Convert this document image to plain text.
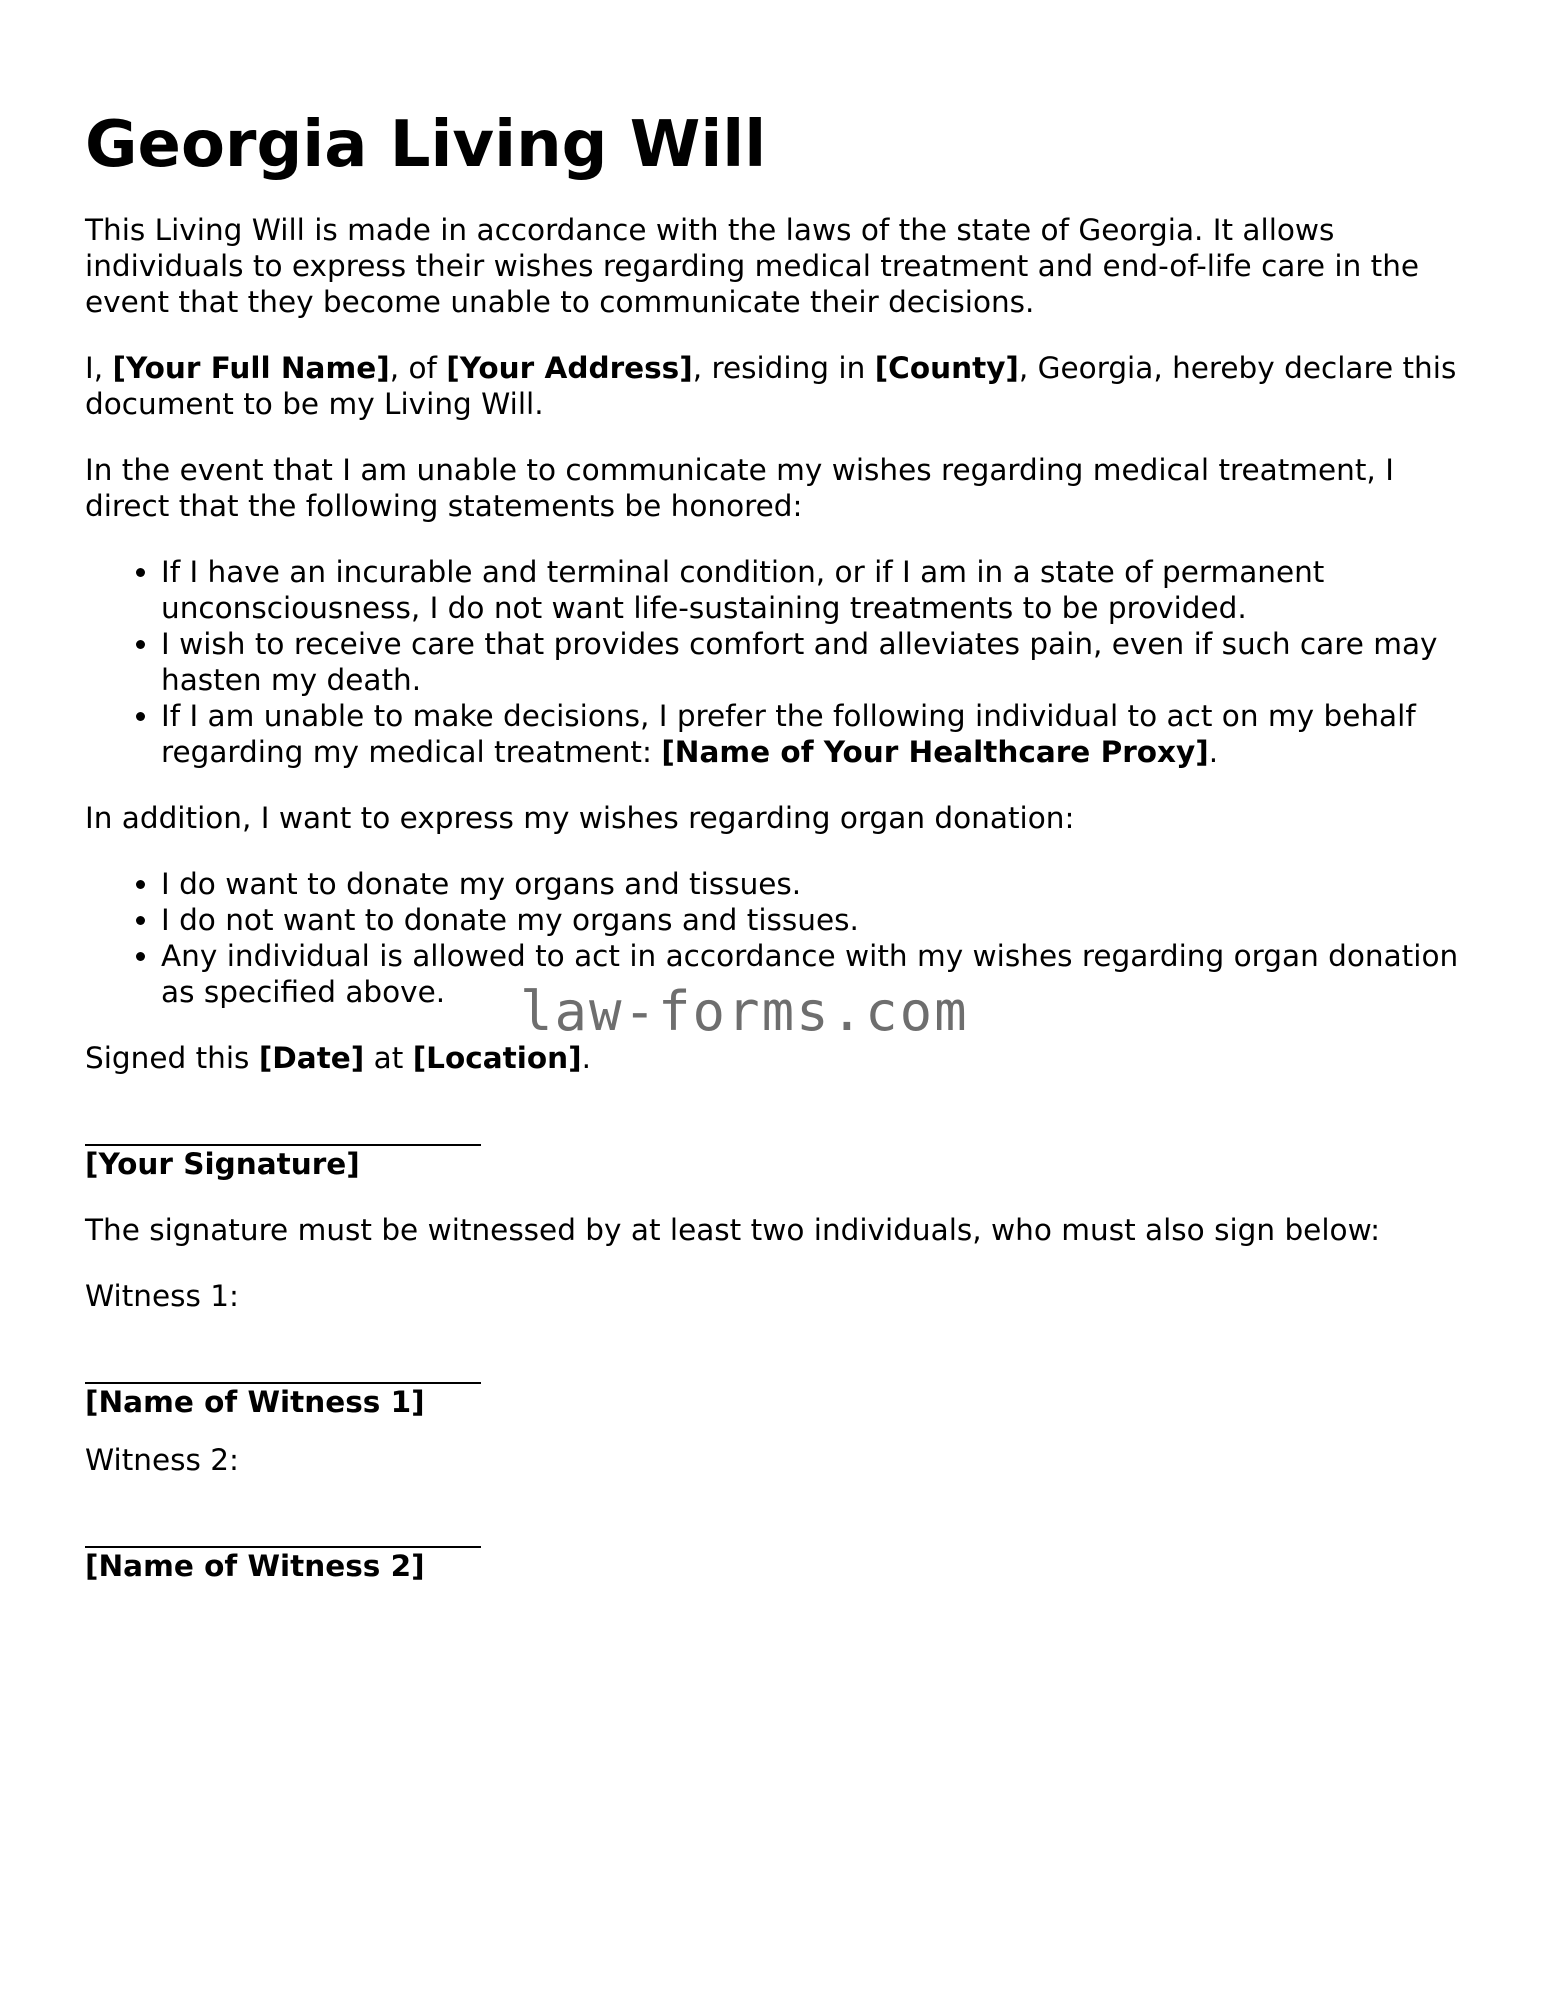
Georgia Living Will

This Living Will is made in accordance with the laws of the state of Georgia. It allows individuals to express their wishes regarding medical treatment and end-of-life care in the event that they become unable to communicate their decisions.

I, [Your Full Name], of [Your Address], residing in [County], Georgia, hereby declare this document to be my Living Will.

In the event that I am unable to communicate my wishes regarding medical treatment, I direct that the following statements be honored:

• If I have an incurable and terminal condition, or if I am in a state of permanent unconsciousness, I do not want life-sustaining treatments to be provided.
• I wish to receive care that provides comfort and alleviates pain, even if such care may hasten my death.
• If I am unable to make decisions, I prefer the following individual to act on my behalf regarding my medical treatment: [Name of Your Healthcare Proxy].

In addition, I want to express my wishes regarding organ donation:

• I do want to donate my organs and tissues.
• I do not want to donate my organs and tissues.
• Any individual is allowed to act in accordance with my wishes regarding organ donation as specified above.

Signed this [Date] at [Location].

[Your Signature]

The signature must be witnessed by at least two individuals, who must also sign below:

Witness 1:

[Name of Witness 1]

Witness 2:

[Name of Witness 2]
law-forms.com
